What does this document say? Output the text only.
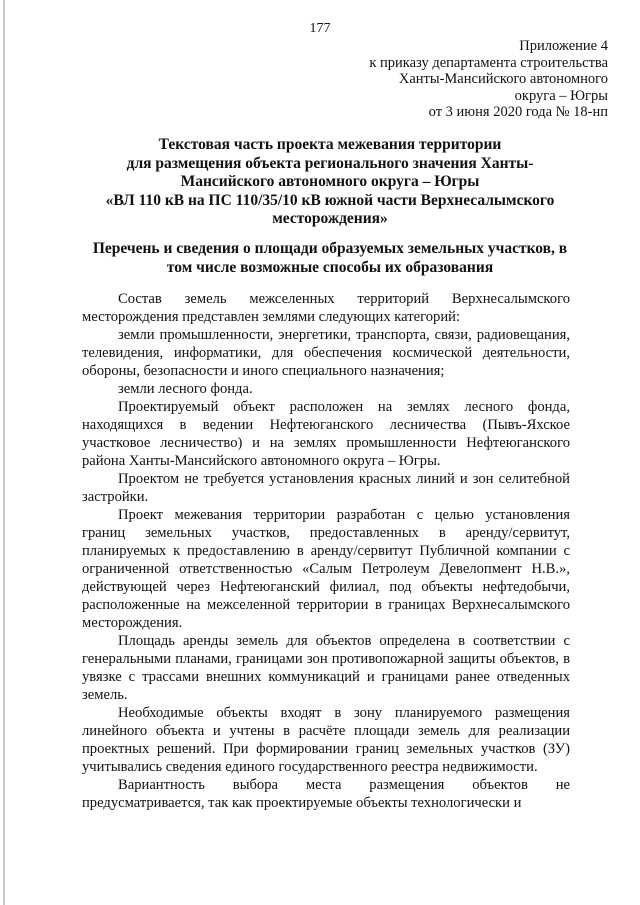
177
Приложение 4
к приказу департамента строительства
Ханты-Мансийского автономного
округа – Югры
от 3 июня 2020 года № 18-нп
Текстовая часть проекта межевания территории
для размещения объекта регионального значения Ханты-
Мансийского автономного округа – Югры
«ВЛ 110 кВ на ПС 110/35/10 кВ южной части Верхнесалымского
месторождения»
Перечень и сведения о площади образуемых земельных участков, в
том числе возможные способы их образования

Состав земель межселенных территорий Верхнесалымского месторождения представлен землями следующих категорий:

земли промышленности, энергетики, транспорта, связи, радиовещания, телевидения, информатики, для обеспечения космической деятельности, обороны, безопасности и иного специального назначения;

земли лесного фонда.

Проектируемый объект расположен на землях лесного фонда, находящихся в ведении Нефтеюганского лесничества (Пывъ-Яхское участковое лесничество) и на землях промышленности Нефтеюганского района Ханты-Мансийского автономного округа – Югры.

Проектом не требуется установления красных линий и зон селитебной застройки.

Проект межевания территории разработан с целью установления границ земельных участков, предоставленных в аренду/сервитут, планируемых к предоставлению в аренду/сервитут Публичной компании с ограниченной ответственностью «Салым Петролеум Девелопмент Н.В.», действующей через Нефтеюганский филиал, под объекты нефтедобычи, расположенные на межселенной территории в границах Верхнесалымского месторождения.

Площадь аренды земель для объектов определена в соответствии с генеральными планами, границами зон противопожарной защиты объектов, в увязке с трассами внешних коммуникаций и границами ранее отведенных земель.

Необходимые объекты входят в зону планируемого размещения линейного объекта и учтены в расчёте площади земель для реализации проектных решений. При формировании границ земельных участков (ЗУ) учитывались сведения единого государственного реестра недвижимости.

Вариантность выбора места размещения объектов не предусматривается, так как проектируемые объекты технологически и
